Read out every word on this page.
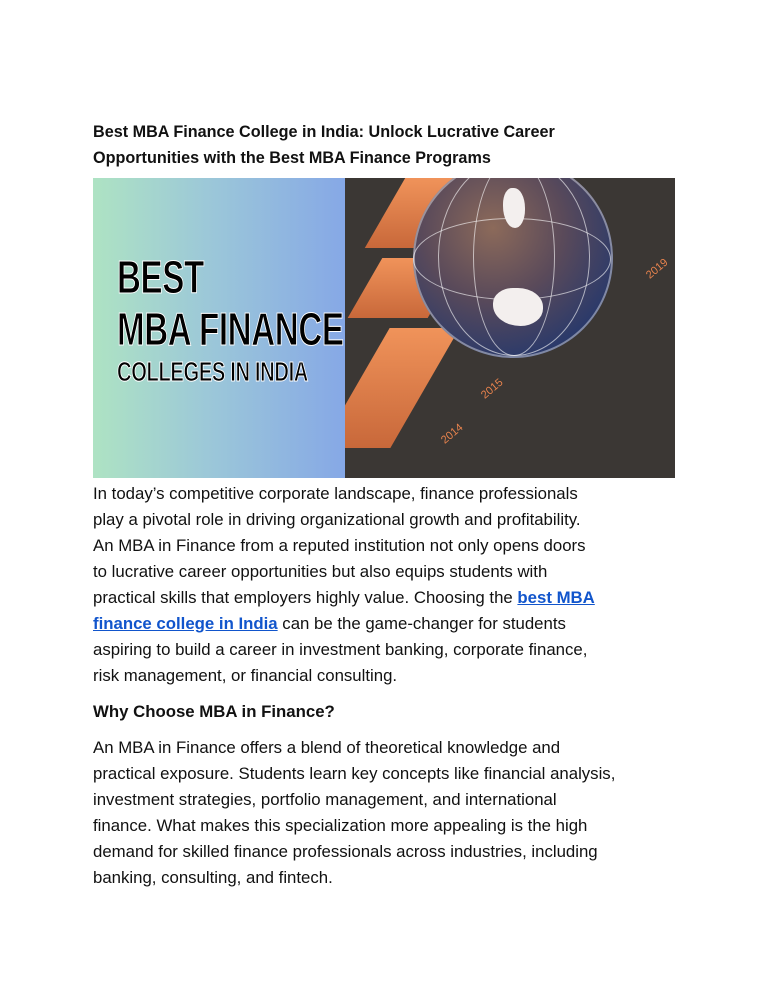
Best MBA Finance College in India: Unlock Lucrative Career
Opportunities with the Best MBA Finance Programs
BEST
MBA FINANCE
COLLEGES IN INDIA
2014
2015
2019
In today’s competitive corporate landscape, finance professionals
play a pivotal role in driving organizational growth and profitability.
An MBA in Finance from a reputed institution not only opens doors
to lucrative career opportunities but also equips students with
practical skills that employers highly value. Choosing the best MBA
finance college in India can be the game-changer for students
aspiring to build a career in investment banking, corporate finance,
risk management, or financial consulting.
Why Choose MBA in Finance?
An MBA in Finance offers a blend of theoretical knowledge and
practical exposure. Students learn key concepts like financial analysis,
investment strategies, portfolio management, and international
finance. What makes this specialization more appealing is the high
demand for skilled finance professionals across industries, including
banking, consulting, and fintech.
